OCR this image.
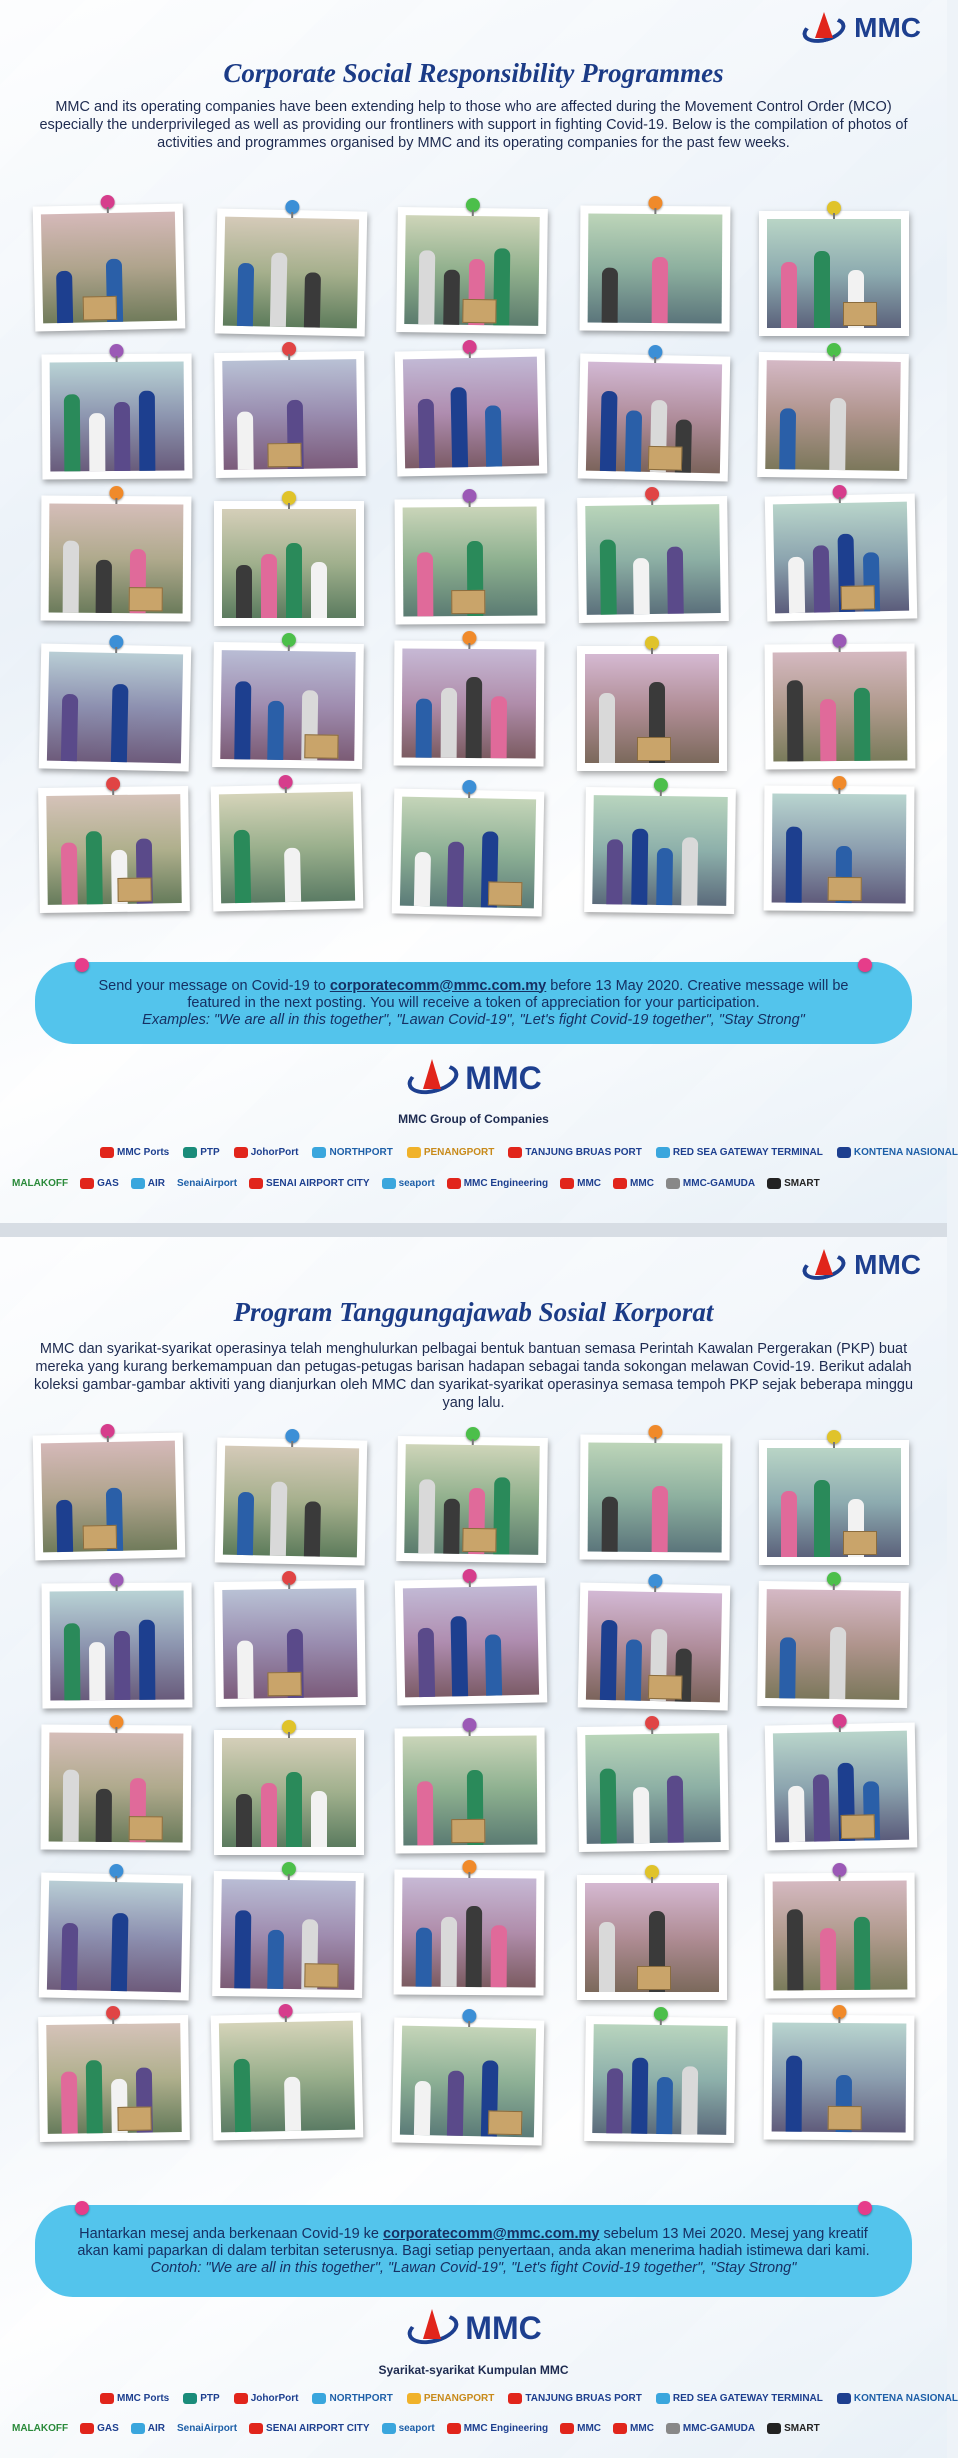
MMC
Corporate Social Responsibility Programmes

MMC and its operating companies have been extending help to those who are affected during the Movement Control Order (MCO) especially the underprivileged as well as providing our frontliners with support in fighting Covid-19. Below is the compilation of photos of activities and programmes organised by MMC and its operating companies for the past few weeks.

Send your message on Covid-19 to corporatecomm@mmc.com.my before 13 May 2020. Creative message will be featured in the next posting. You will receive a token of appreciation for your participation.
Examples: "We are all in this together", "Lawan Covid-19", "Let's fight Covid-19 together", "Stay Strong"
MMC
MMC Group of Companies
MMC Ports	PTP	JohorPort	NORTHPORT	PENANGPORT	TANJUNG BRUAS PORT	RED SEA GATEWAY TERMINAL	KONTENA NASIONAL
MALAKOFF	GAS	AIR SenaiAirport	SENAI AIRPORT CITY	seaport	MMC Engineering	MMC	MMC	MMC-GAMUDA	SMART
MMC
Program Tanggungajawab Sosial Korporat

MMC dan syarikat-syarikat operasinya telah menghulurkan pelbagai bentuk bantuan semasa Perintah Kawalan Pergerakan (PKP) buat mereka yang kurang berkemampuan dan petugas-petugas barisan hadapan sebagai tanda sokongan melawan Covid-19. Berikut adalah koleksi gambar-gambar aktiviti yang dianjurkan oleh MMC dan syarikat-syarikat operasinya semasa tempoh PKP sejak beberapa minggu yang lalu.

Hantarkan mesej anda berkenaan Covid-19 ke corporatecomm@mmc.com.my sebelum 13 Mei 2020. Mesej yang kreatif akan kami paparkan di dalam terbitan seterusnya. Bagi setiap penyertaan, anda akan menerima hadiah istimewa dari kami.
Contoh: "We are all in this together", "Lawan Covid-19", "Let's fight Covid-19 together", "Stay Strong"
MMC
Syarikat-syarikat Kumpulan MMC
MMC Ports	PTP	JohorPort	NORTHPORT	PENANGPORT	TANJUNG BRUAS PORT	RED SEA GATEWAY TERMINAL	KONTENA NASIONAL
MALAKOFF	GAS	AIR SenaiAirport	SENAI AIRPORT CITY	seaport	MMC Engineering	MMC	MMC	MMC-GAMUDA	SMART
